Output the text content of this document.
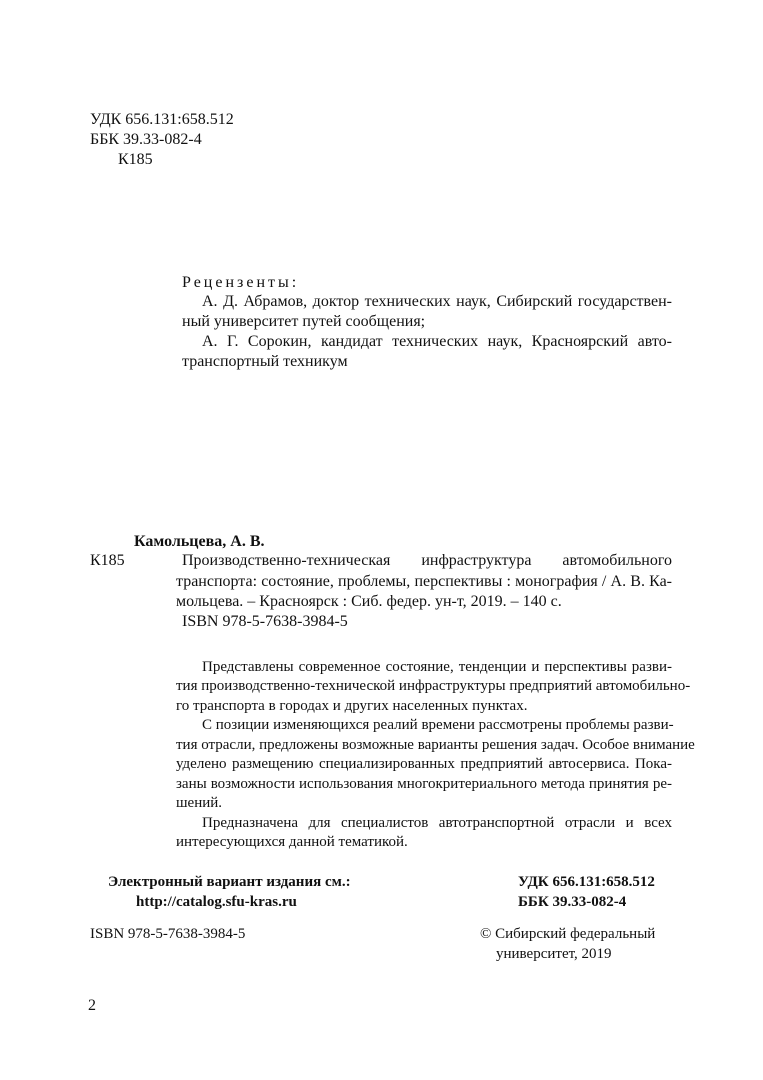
УДК 656.131:658.512
ББК 39.33-082-4
К185
Рецензенты:
А. Д. Абрамов, доктор технических наук, Сибирский государствен-
ный университет путей сообщения;
А. Г. Сорокин, кандидат технических наук, Красноярский авто-
транспортный техникум
Камольцева, А. В.
К185	Производственно-техническая инфраструктура автомобильного
транспорта: состояние, проблемы, перспективы : монография / А. В. Ка-
мольцева. – Красноярск : Сиб. федер. ун-т, 2019. – 140 с.
ISBN 978-5-7638-3984-5
Представлены современное состояние, тенденции и перспективы разви-
тия производственно-технической инфраструктуры предприятий автомобильно-
го транспорта в городах и других населенных пунктах.
С позиции изменяющихся реалий времени рассмотрены проблемы разви-
тия отрасли, предложены возможные варианты решения задач. Особое внимание
уделено размещению специализированных предприятий автосервиса. Пока-
заны возможности использования многокритериального метода принятия ре-
шений.
Предназначена для специалистов автотранспортной отрасли и всех
интересующихся данной тематикой.
Электронный вариант издания см.:
http://catalog.sfu-kras.ru
УДК 656.131:658.512
ББК 39.33-082-4
ISBN 978-5-7638-3984-5	© Сибирский федеральный
университет, 2019
2
